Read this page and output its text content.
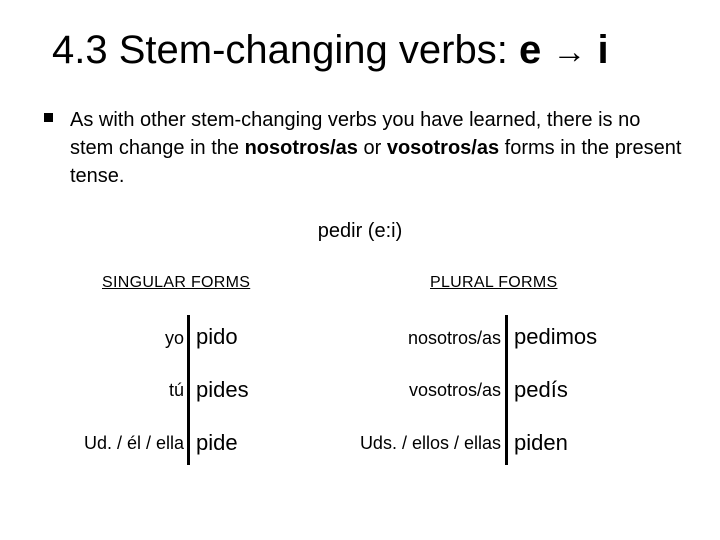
4.3 Stem-changing verbs: e → i
As with other stem-changing verbs you have learned, there is no stem change in the nosotros/as or vosotros/as forms in the present tense.
pedir (e:i)
SINGULAR FORMS	PLURAL FORMS
yo pido
tú pides
Ud. / él / ella pide
nosotros/as pedimos
vosotros/as pedís
Uds. / ellos / ellas piden
